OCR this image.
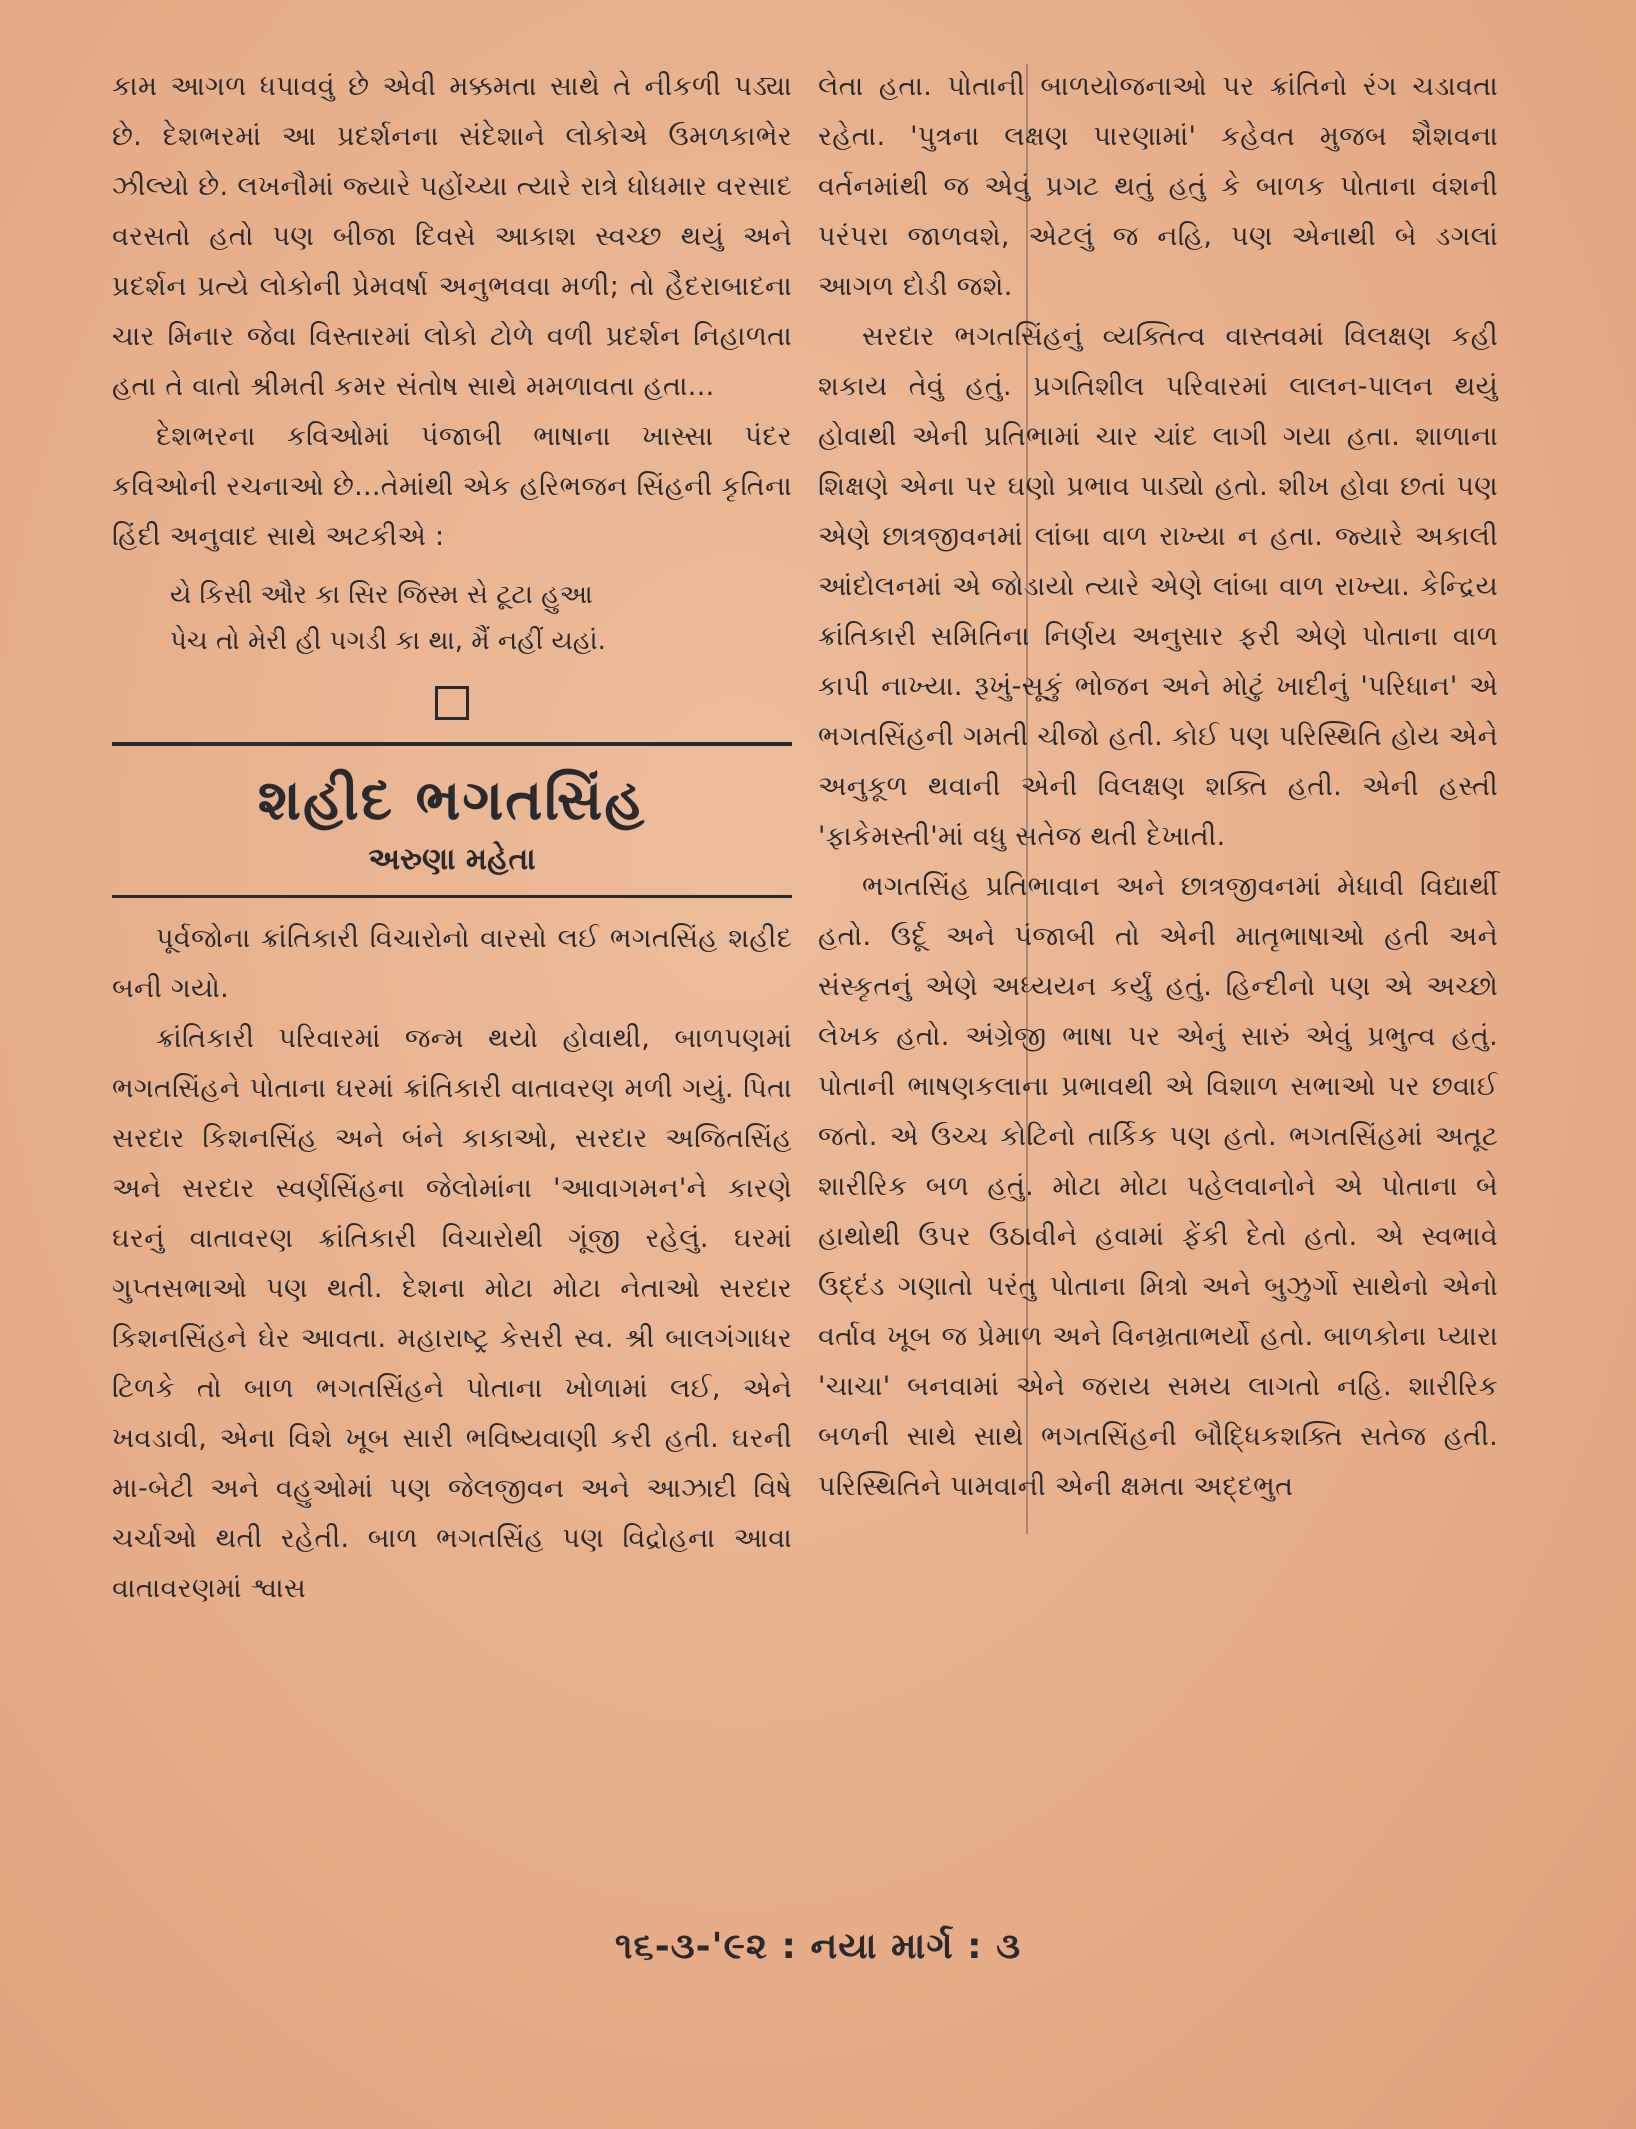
કામ આગળ ધપાવવું છે એવી મક્કમતા સાથે તે નીકળી પડ્યા છે. દેશભરમાં આ પ્રદર્શનના સંદેશાને લોકોએ ઉમળકાભેર ઝીલ્યો છે. લખનૌમાં જ્યારે પહોંચ્યા ત્યારે રાત્રે ધોધમાર વરસાદ વરસતો હતો પણ બીજા દિવસે આકાશ સ્વચ્છ થયું અને પ્રદર્શન પ્રત્યે લોકોની પ્રેમવર્ષા અનુભવવા મળી; તો હૈદરાબાદના ચાર મિનાર જેવા વિસ્તારમાં લોકો ટોળે વળી પ્રદર્શન નિહાળતા હતા તે વાતો શ્રીમતી કમર સંતોષ સાથે મમળાવતા હતા...

દેશભરના કવિઓમાં પંજાબી ભાષાના ખાસ્સા પંદર કવિઓની રચનાઓ છે...તેમાંથી એક હરિભજન સિંહની કૃતિના હિંદી અનુવાદ સાથે અટકીએ :

યે કિસી ઔર કા સિર જિસ્મ સે ટૂટા હુઆ
પેચ તો મેરી હી પગડી કા થા, મૈં નહીં યહાં.
શહીદ ભગતસિંહ
અરુણા મહેતા

પૂર્વજોના ક્રાંતિકારી વિચારોનો વારસો લઈ ભગતસિંહ શહીદ બની ગયો.

ક્રાંતિકારી પરિવારમાં જન્મ થયો હોવાથી, બાળપણમાં ભગતસિંહને પોતાના ઘરમાં ક્રાંતિકારી વાતાવરણ મળી ગયું. પિતા સરદાર કિશનસિંહ અને બંને કાકાઓ, સરદાર અજિતસિંહ અને સરદાર સ્વર્ણસિંહના જેલોમાંના 'આવાગમન'ને કારણે ઘરનું વાતાવરણ ક્રાંતિકારી વિચારોથી ગૂંજી રહેલું. ઘરમાં ગુપ્તસભાઓ પણ થતી. દેશના મોટા મોટા નેતાઓ સરદાર કિશનસિંહને ઘેર આવતા. મહારાષ્ટ્ર કેસરી સ્વ. શ્રી બાલગંગાધર ટિળકે તો બાળ ભગતસિંહને પોતાના ખોળામાં લઈ, એને ખવડાવી, એના વિશે ખૂબ સારી ભવિષ્યવાણી કરી હતી. ઘરની મા-બેટી અને વહુઓમાં પણ જેલજીવન અને આઝાદી વિષે ચર્ચાઓ થતી રહેતી. બાળ ભગતસિંહ પણ વિદ્રોહના આવા વાતાવરણમાં શ્વાસ

લેતા હતા. પોતાની બાળયોજનાઓ પર ક્રાંતિનો રંગ ચડાવતા રહેતા. 'પુત્રના લક્ષણ પારણામાં' કહેવત મુજબ શૈશવના વર્તનમાંથી જ એવું પ્રગટ થતું હતું કે બાળક પોતાના વંશની પરંપરા જાળવશે, એટલું જ નહિ, પણ એનાથી બે ડગલાં આગળ દોડી જશે.

સરદાર ભગતસિંહનું વ્યક્તિત્વ વાસ્તવમાં વિલક્ષણ કહી શકાય તેવું હતું. પ્રગતિશીલ પરિવારમાં લાલન-પાલન થયું હોવાથી એની પ્રતિભામાં ચાર ચાંદ લાગી ગયા હતા. શાળાના શિક્ષણે એના પર ઘણો પ્રભાવ પાડ્યો હતો. શીખ હોવા છતાં પણ એણે છાત્રજીવનમાં લાંબા વાળ રાખ્યા ન હતા. જ્યારે અકાલી આંદોલનમાં એ જોડાયો ત્યારે એણે લાંબા વાળ રાખ્યા. કેન્દ્રિય ક્રાંતિકારી સમિતિના નિર્ણય અનુસાર ફરી એણે પોતાના વાળ કાપી નાખ્યા. રૂખું-સૂકું ભોજન અને મોટું ખાદીનું 'પરિધાન' એ ભગતસિંહની ગમતી ચીજો હતી. કોઈ પણ પરિસ્થિતિ હોય એને અનુકૂળ થવાની એની વિલક્ષણ શક્તિ હતી. એની હસ્તી 'ફાકેમસ્તી'માં વધુ સતેજ થતી દેખાતી.

ભગતસિંહ પ્રતિભાવાન અને છાત્રજીવનમાં મેધાવી વિદ્યાર્થી હતો. ઉર્દૂ અને પંજાબી તો એની માતૃભાષાઓ હતી અને સંસ્કૃતનું એણે અધ્યયન કર્યું હતું. હિન્દીનો પણ એ અચ્છો લેખક હતો. અંગ્રેજી ભાષા પર એનું સારું એવું પ્રભુત્વ હતું. પોતાની ભાષણકલાના પ્રભાવથી એ વિશાળ સભાઓ પર છવાઈ જતો. એ ઉચ્ચ કોટિનો તાર્કિક પણ હતો. ભગતસિંહમાં અતૂટ શારીરિક બળ હતું. મોટા મોટા પહેલવાનોને એ પોતાના બે હાથોથી ઉપર ઉઠાવીને હવામાં ફેંકી દેતો હતો. એ સ્વભાવે ઉદ્દંડ ગણાતો પરંતુ પોતાના મિત્રો અને બુઝુર્ગો સાથેનો એનો વર્તાવ ખૂબ જ પ્રેમાળ અને વિનમ્રતાભર્યો હતો. બાળકોના પ્યારા 'ચાચા' બનવામાં એને જરાય સમય લાગતો નહિ. શારીરિક બળની સાથે સાથે ભગતસિંહની બૌદ્ધિકશક્તિ સતેજ હતી. પરિસ્થિતિને પામવાની એની ક્ષમતા અદ્દભુત

૧૬-૩-'૯૨ : નયા માર્ગ : ૩
